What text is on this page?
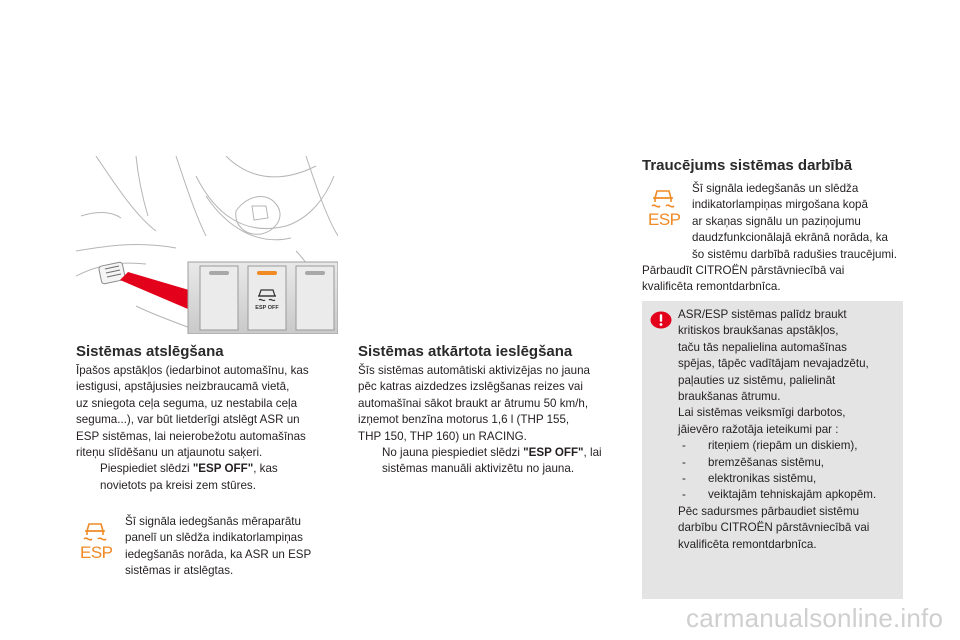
ESP OFF
Sistēmas atslēgšana
Īpašos apstākļos (iedarbinot automašīnu, kas
iestigusi, apstājusies neizbraucamā vietā,
uz sniegota ceļa seguma, uz nestabila ceļa
seguma...), var būt lietderīgi atslēgt ASR un
ESP sistēmas, lai neierobežotu automašīnas
riteņu slīdēšanu un atjaunotu saķeri.
Piespiediet slēdzi "ESP OFF", kas
novietots pa kreisi zem stūres.
ESP
Šī signāla iedegšanās mēraparātu
panelī un slēdža indikatorlampiņas
iedegšanās norāda, ka ASR un ESP
sistēmas ir atslēgtas.
Sistēmas atkārtota ieslēgšana
Šīs sistēmas automātiski aktivizējas no jauna
pēc katras aizdedzes izslēgšanas reizes vai
automašīnai sākot braukt ar ātrumu 50 km/h,
izņemot benzīna motorus 1,6 l (THP 155,
THP 150, THP 160) un RACING.
No jauna piespiediet slēdzi "ESP OFF", lai
sistēmas manuāli aktivizētu no jauna.
Traucējums sistēmas darbībā
ESP
Šī signāla iedegšanās un slēdža
indikatorlampiņas mirgošana kopā
ar skaņas signālu un paziņojumu
daudzfunkcionālajā ekrānā norāda, ka
šo sistēmu darbībā radušies traucējumi.
Pārbaudīt CITROËN pārstāvniecībā vai
kvalificēta remontdarbnīca.
ASR/ESP sistēmas palīdz braukt
kritiskos braukšanas apstākļos,
taču tās nepalielina automašīnas
spējas, tāpēc vadītājam nevajadzētu,
paļauties uz sistēmu, palielināt
braukšanas ātrumu.
Lai sistēmas veiksmīgi darbotos,
jāievēro ražotāja ieteikumi par :
- riteņiem (riepām un diskiem),
- bremzēšanas sistēmu,
- elektronikas sistēmu,
- veiktajām tehniskajām apkopēm.
Pēc sadursmes pārbaudiet sistēmu
darbību CITROËN pārstāvniecībā vai
kvalificēta remontdarbnīca.
carmanualsonline.info
